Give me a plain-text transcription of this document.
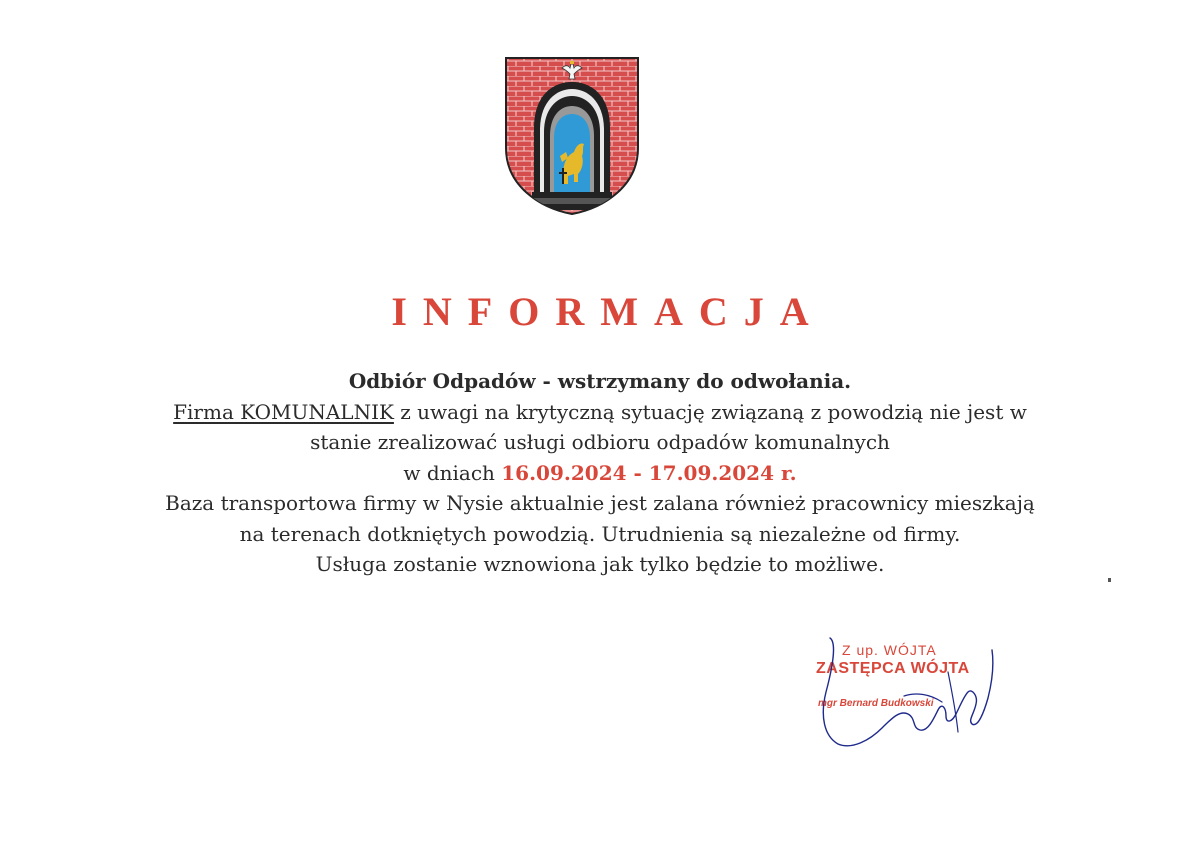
INFORMACJA
Odbiór Odpadów - wstrzymany do odwołania.
Firma KOMUNALNIK z uwagi na krytyczną sytuację związaną z powodzią nie jest w
stanie zrealizować usługi odbioru odpadów komunalnych
w dniach 16.09.2024 - 17.09.2024 r.
Baza transportowa firmy w Nysie aktualnie jest zalana również pracownicy mieszkają
na terenach dotkniętych powodzią. Utrudnienia są niezależne od firmy.
Usługa zostanie wznowiona jak tylko będzie to możliwe.
Z up. WÓJTA
ZASTĘPCA WÓJTA
mgr Bernard Budkowski
